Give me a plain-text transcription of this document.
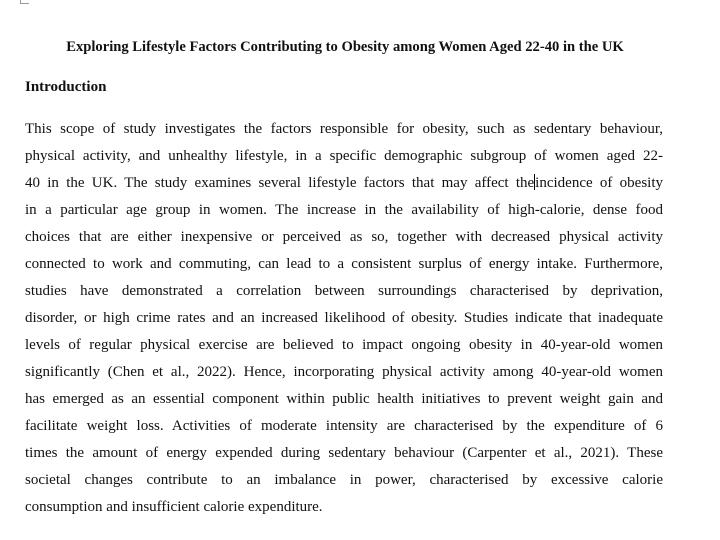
Exploring Lifestyle Factors Contributing to Obesity among Women Aged 22-40 in the UK
Introduction
This scope of study investigates the factors responsible for obesity, such as sedentary behaviour,
physical activity, and unhealthy lifestyle, in a specific demographic subgroup of women aged 22-
40 in the UK. The study examines several lifestyle factors that may affect theincidence of obesity
in a particular age group in women. The increase in the availability of high-calorie, dense food
choices that are either inexpensive or perceived as so, together with decreased physical activity
connected to work and commuting, can lead to a consistent surplus of energy intake. Furthermore,
studies have demonstrated a correlation between surroundings characterised by deprivation,
disorder, or high crime rates and an increased likelihood of obesity. Studies indicate that inadequate
levels of regular physical exercise are believed to impact ongoing obesity in 40-year-old women
significantly (Chen et al., 2022). Hence, incorporating physical activity among 40-year-old women
has emerged as an essential component within public health initiatives to prevent weight gain and
facilitate weight loss. Activities of moderate intensity are characterised by the expenditure of 6
times the amount of energy expended during sedentary behaviour (Carpenter et al., 2021). These
societal changes contribute to an imbalance in power, characterised by excessive calorie
consumption and insufficient calorie expenditure.
